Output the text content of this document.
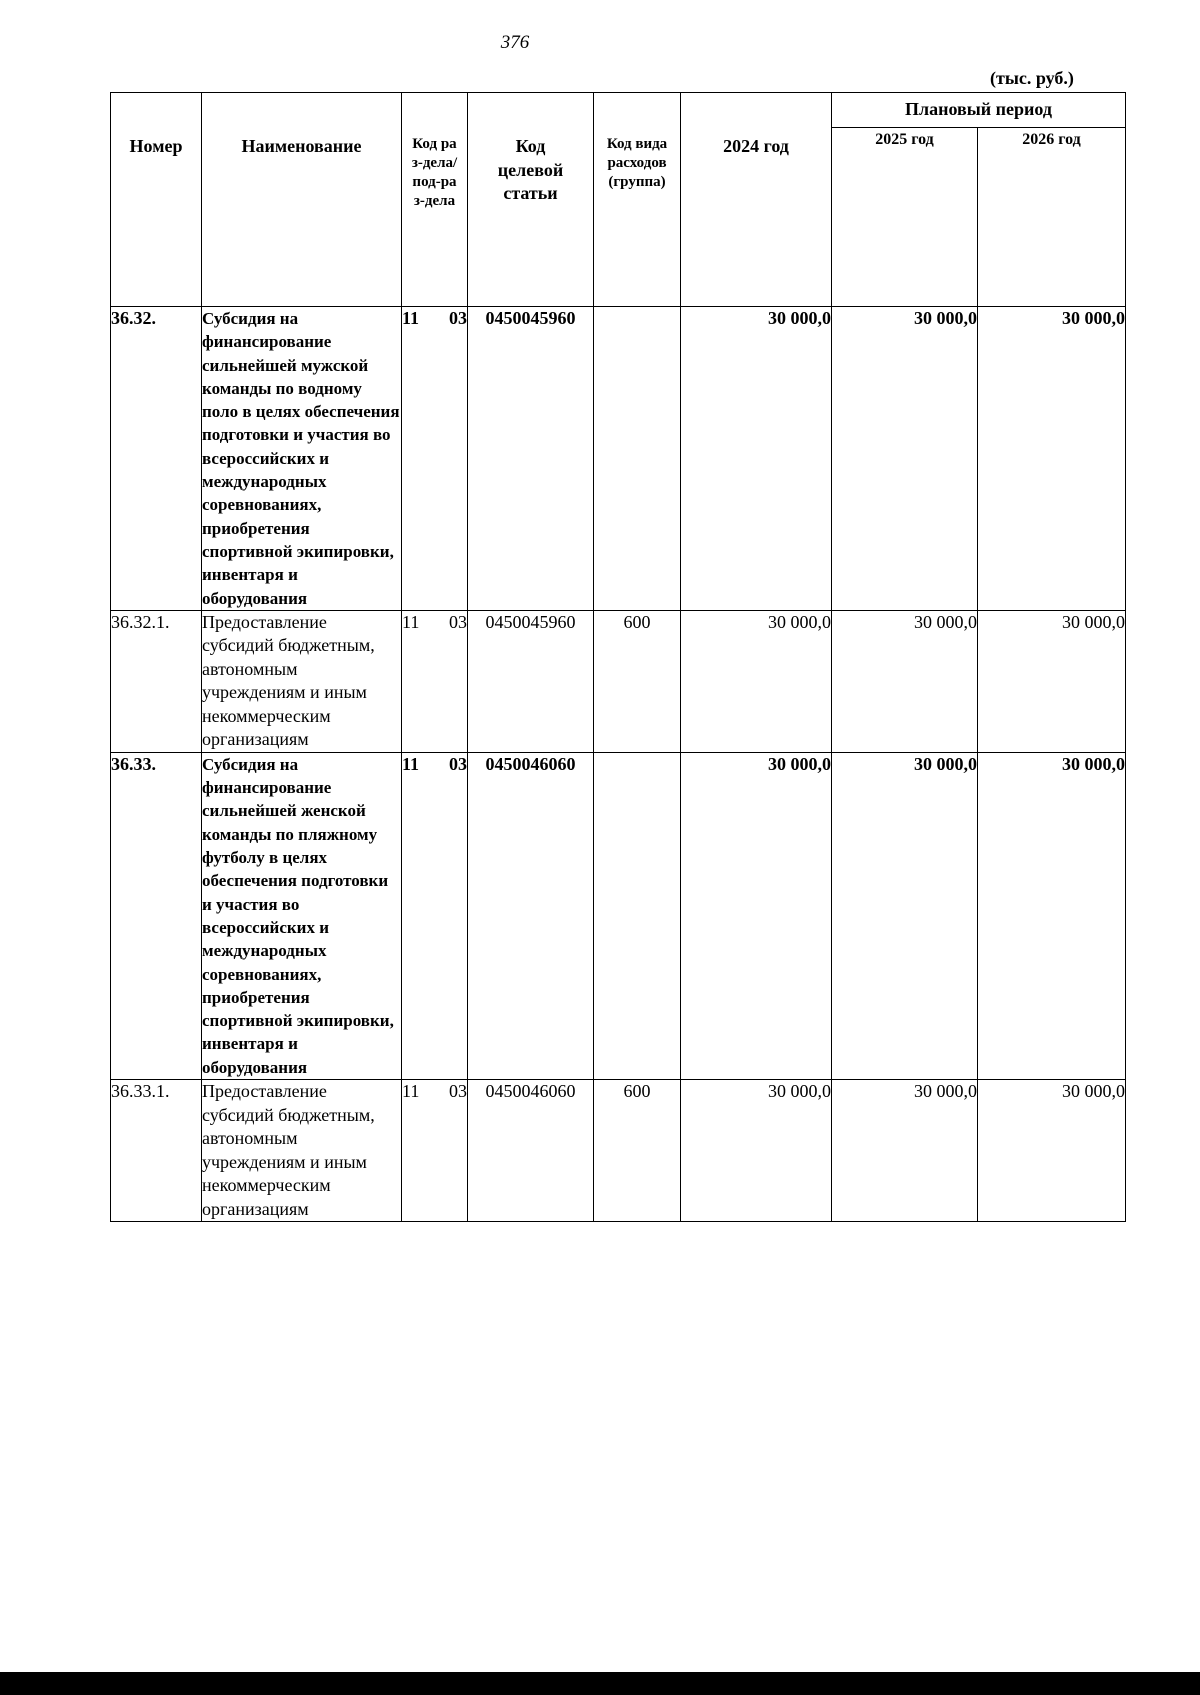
376
(тыс. руб.)
Номер	Наименование	Код раз-дела/ под-раз-дела	Код целевой статьи	Код вида расходов (группа)	2024 год	Плановый период	
						2025 год	2026 год
36.32.	Субсидия на финансирование сильнейшей мужской команды по водному поло в целях обеспечения подготовки и участия во всероссийских и международных соревнованиях, приобретения спортивной экипировки, инвентаря и оборудования	11 03	0450045960		30 000,0	30 000,0	30 000,0
36.32.1.	Предоставление субсидий бюджетным, автономным учреждениям и иным некоммерческим организациям	11 03	0450045960	600	30 000,0	30 000,0	30 000,0
36.33.	Субсидия на финансирование сильнейшей женской команды по пляжному футболу в целях обеспечения подготовки и участия во всероссийских и международных соревнованиях, приобретения спортивной экипировки, инвентаря и оборудования	11 03	0450046060		30 000,0	30 000,0	30 000,0
36.33.1.	Предоставление субсидий бюджетным, автономным учреждениям и иным некоммерческим организациям	11 03	0450046060	600	30 000,0	30 000,0	30 000,0
